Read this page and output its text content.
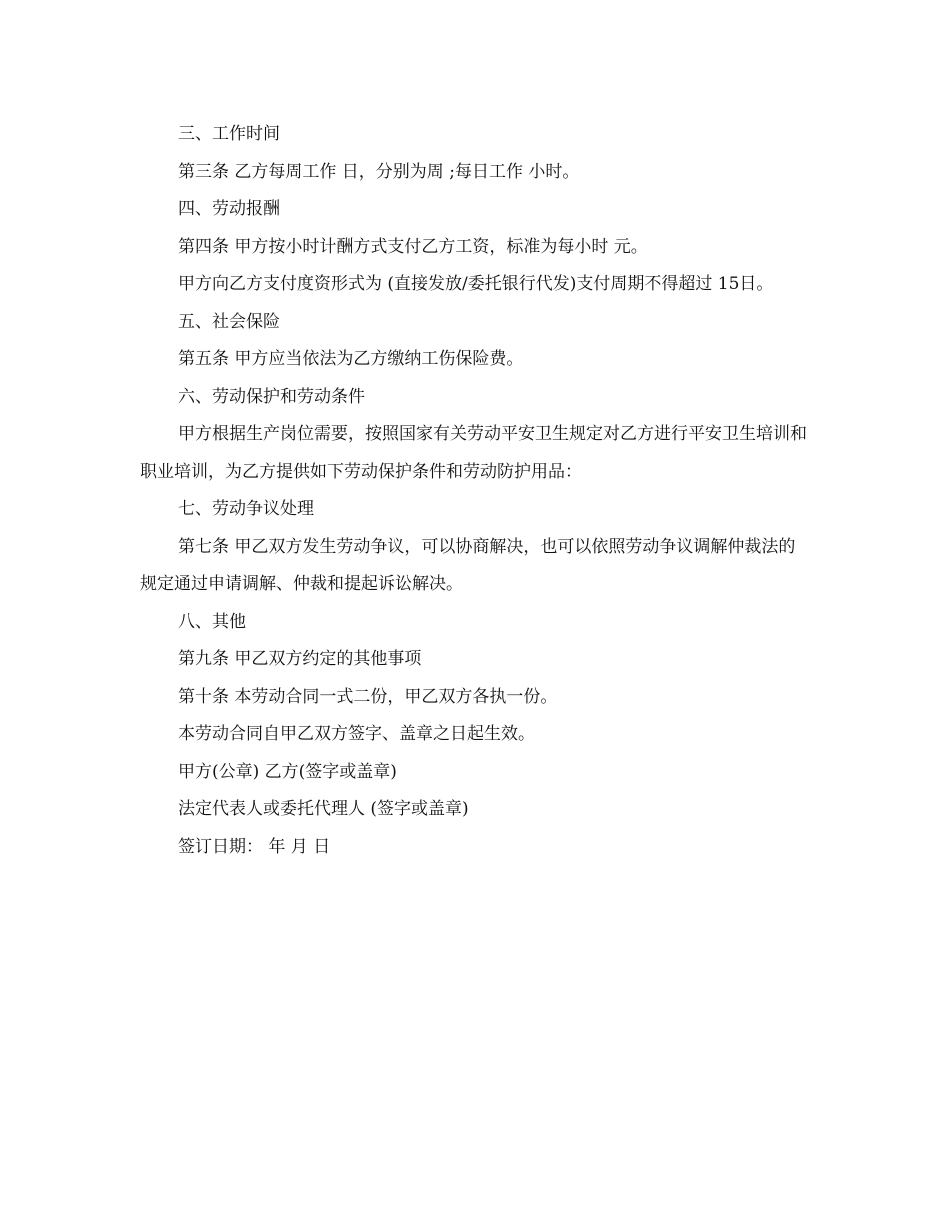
三、工作时间

第三条 乙方每周工作 日，分别为周 ;每日工作 小时。

四、劳动报酬

第四条 甲方按小时计酬方式支付乙方工资，标准为每小时 元。

甲方向乙方支付度资形式为 (直接发放/委托银行代发)支付周期不得超过 15日。

五、社会保险

第五条 甲方应当依法为乙方缴纳工伤保险费。

六、劳动保护和劳动条件

甲方根据生产岗位需要，按照国家有关劳动平安卫生规定对乙方进行平安卫生培训和职业培训，为乙方提供如下劳动保护条件和劳动防护用品：

七、劳动争议处理

第七条 甲乙双方发生劳动争议，可以协商解决，也可以依照劳动争议调解仲裁法的规定通过申请调解、仲裁和提起诉讼解决。

八、其他

第九条 甲乙双方约定的其他事项

第十条 本劳动合同一式二份，甲乙双方各执一份。

本劳动合同自甲乙双方签字、盖章之日起生效。

甲方(公章) 乙方(签字或盖章)

法定代表人或委托代理人 (签字或盖章)

签订日期： 年 月 日
